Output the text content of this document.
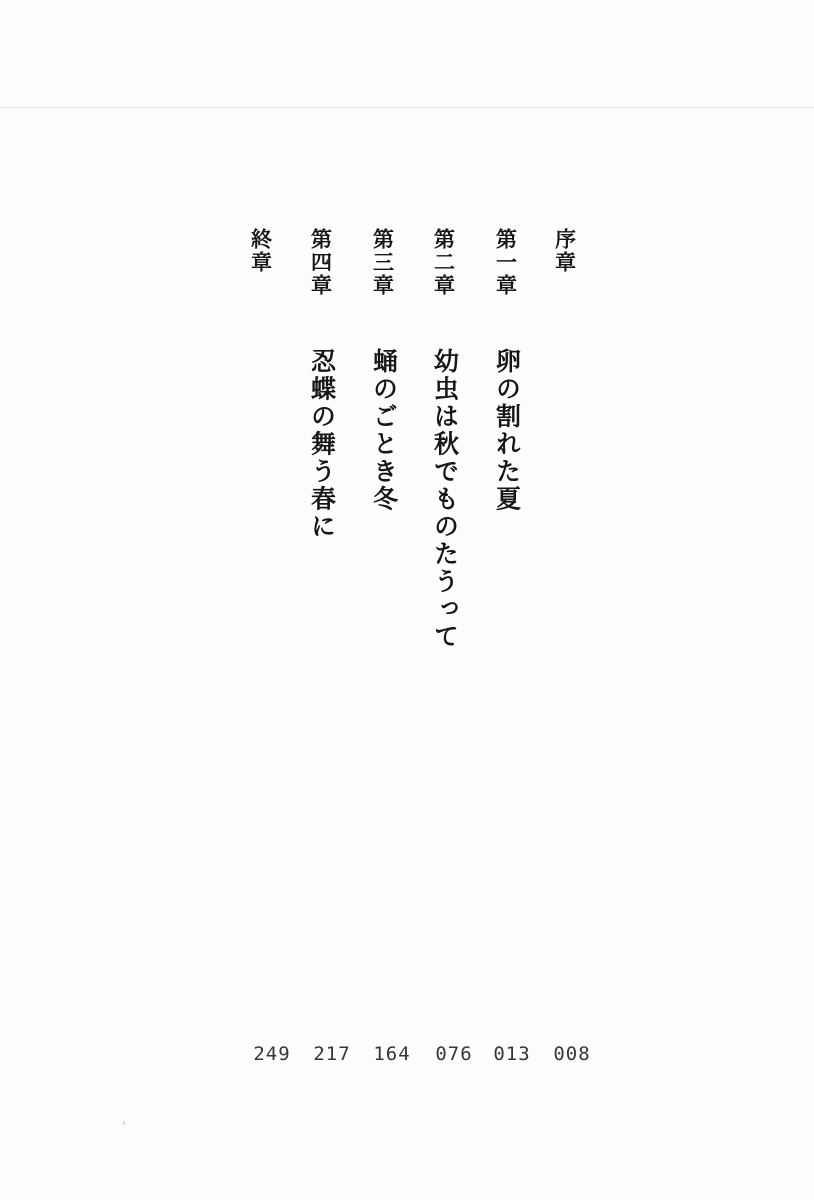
序章
第一章
卵の割れた夏
第二章
幼虫は秋でものたうって
第三章
蛹のごとき冬
第四章
忍蝶の舞う春に
終章
008
013
076
164
217
249
